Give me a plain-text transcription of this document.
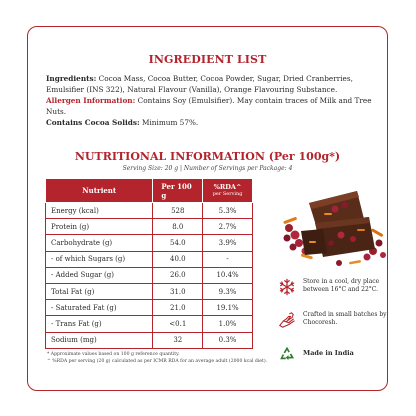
INGREDIENT LIST

Ingredients: Cocoa Mass, Cocoa Butter, Cocoa Powder, Sugar, Dried Cranberries, Emulsifier (INS 322), Natural Flavour (Vanilla), Orange Flavouring Substance.

Allergen Information: Contains Soy (Emulsifier). May contain traces of Milk and Tree Nuts.

Contains Cocoa Solids: Minimum 57%.

NUTRITIONAL INFORMATION (Per 100g*)
Serving Size: 20 g | Number of Servings per Package: 4
Nutrient	Per 100 g	%RDA^
per Serving

Energy (kcal)	528	5.3%
Protein (g)	8.0	2.7%
Carbohydrate (g)	54.0	3.9%
- of which Sugars (g)	40.0	-
- Added Sugar (g)	26.0	10.4%
Total Fat (g)	31.0	9.3%
- Saturated Fat (g)	21.0	19.1%
- Trans Fat (g)	<0.1	1.0%
Sodium (mg)	32	0.3%
Store in a cool, dry place between 16°C and 22°C.
Crafted in small batches by Chocoresh.
Made in India
* Approximate values based on 100 g reference quantity.
^ %RDA per serving (20 g) calculated as per ICMR RDA for an average adult (2000 kcal diet).
